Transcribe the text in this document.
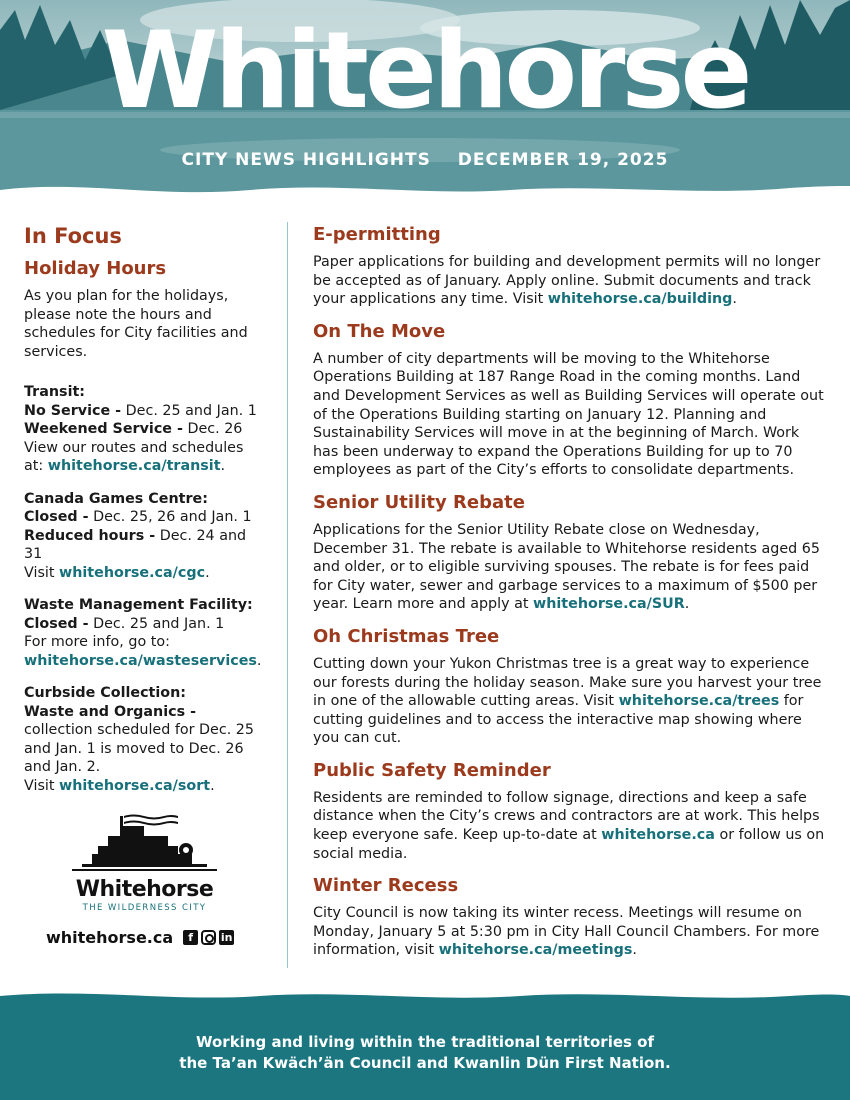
Whitehorse
CITY NEWS HIGHLIGHTS DECEMBER 19, 2025
In Focus
Holiday Hours
As you plan for the holidays, please note the hours and schedules for City facilities and services.
Transit:
No Service - Dec. 25 and Jan. 1
Weekened Service - Dec. 26
View our routes and schedules at: whitehorse.ca/transit.
Canada Games Centre:
Closed - Dec. 25, 26 and Jan. 1
Reduced hours - Dec. 24 and 31
Visit whitehorse.ca/cgc.
Waste Management Facility:
Closed - Dec. 25 and Jan. 1
For more info, go to: whitehorse.ca/wasteservices.
Curbside Collection:
Waste and Organics - collection scheduled for Dec. 25 and Jan. 1 is moved to Dec. 26 and Jan. 2.
Visit whitehorse.ca/sort.
Whitehorse
THE WILDERNESS CITY
whitehorse.ca	f	in
E-permitting
Paper applications for building and development permits will no longer be accepted as of January. Apply online. Submit documents and track your applications any time. Visit whitehorse.ca/building.
On The Move
A number of city departments will be moving to the Whitehorse Operations Building at 187 Range Road in the coming months. Land and Development Services as well as Building Services will operate out of the Operations Building starting on January 12. Planning and Sustainability Services will move in at the beginning of March. Work has been underway to expand the Operations Building for up to 70 employees as part of the City’s efforts to consolidate departments.
Senior Utility Rebate
Applications for the Senior Utility Rebate close on Wednesday, December 31. The rebate is available to Whitehorse residents aged 65 and older, or to eligible surviving spouses. The rebate is for fees paid for City water, sewer and garbage services to a maximum of $500 per year. Learn more and apply at whitehorse.ca/SUR.
Oh Christmas Tree
Cutting down your Yukon Christmas tree is a great way to experience our forests during the holiday season. Make sure you harvest your tree in one of the allowable cutting areas. Visit whitehorse.ca/trees for cutting guidelines and to access the interactive map showing where you can cut.
Public Safety Reminder
Residents are reminded to follow signage, directions and keep a safe distance when the City’s crews and contractors are at work. This helps keep everyone safe. Keep up-to-date at whitehorse.ca or follow us on social media.
Winter Recess
City Council is now taking its winter recess. Meetings will resume on Monday, January 5 at 5:30 pm in City Hall Council Chambers. For more information, visit whitehorse.ca/meetings.
Working and living within the traditional territories of
the Ta’an Kwäch’än Council and Kwanlin Dün First Nation.
